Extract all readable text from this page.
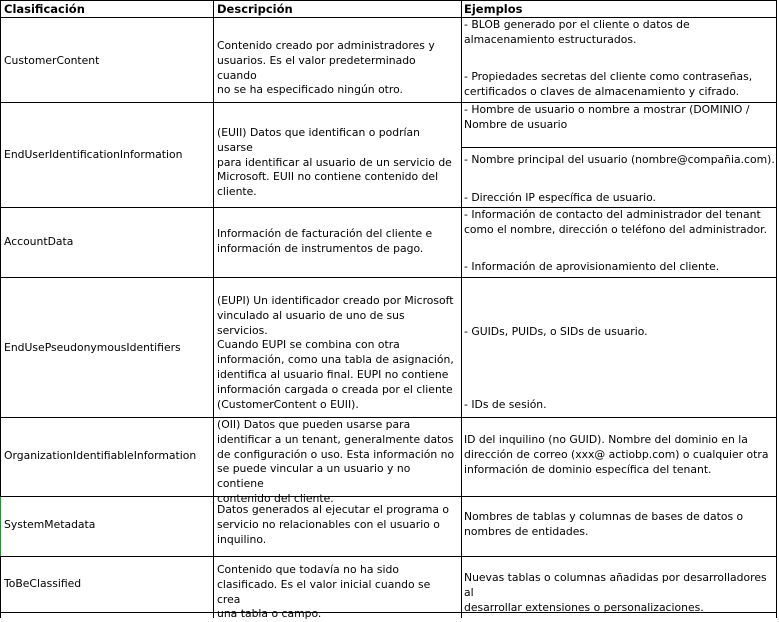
Clasificación	Descripción	Ejemplos
CustomerContent
Contenido creado por administradores y
usuarios. Es el valor predeterminado cuando
no se ha especificado ningún otro.
- BLOB generado por el cliente o datos de
almacenamiento estructurados.
- Propiedades secretas del cliente como contraseñas,
certificados o claves de almacenamiento y cifrado.
EndUserIdentificationInformation
(EUII) Datos que identifican o podrían usarse
para identificar al usuario de un servicio de
Microsoft. EUII no contiene contenido del
cliente.
- Hombre de usuario o nombre a mostrar (DOMINIO /
Nombre de usuario
- Nombre principal del usuario (nombre@compañia.com).
- Dirección IP específica de usuario.
AccountData
Información de facturación del cliente e
información de instrumentos de pago.
- Información de contacto del administrador del tenant
como el nombre, dirección o teléfono del administrador.
- Información de aprovisionamiento del cliente.
EndUsePseudonymousIdentifiers
(EUPI) Un identificador creado por Microsoft
vinculado al usuario de uno de sus servicios.
Cuando EUPI se combina con otra
información, como una tabla de asignación,
identifica al usuario final. EUPI no contiene
información cargada o creada por el cliente
(CustomerContent o EUII).
- GUIDs, PUIDs, o SIDs de usuario.
- IDs de sesión.
OrganizationIdentifiableInformation
(OII) Datos que pueden usarse para
identificar a un tenant, generalmente datos
de configuración o uso. Esta información no
se puede vincular a un usuario y no contiene
contenido del cliente.
ID del inquilino (no GUID). Nombre del dominio en la
dirección de correo (xxx@ actiobp.com) o cualquier otra
información de dominio específica del tenant.
SystemMetadata
Datos generados al ejecutar el programa o
servicio no relacionables con el usuario o
inquilino.
Nombres de tablas y columnas de bases de datos o
nombres de entidades.
ToBeClassified
Contenido que todavía no ha sido
clasificado. Es el valor inicial cuando se crea
una tabla o campo.
Nuevas tablas o columnas añadidas por desarrolladores al
desarrollar extensiones o personalizaciones.
